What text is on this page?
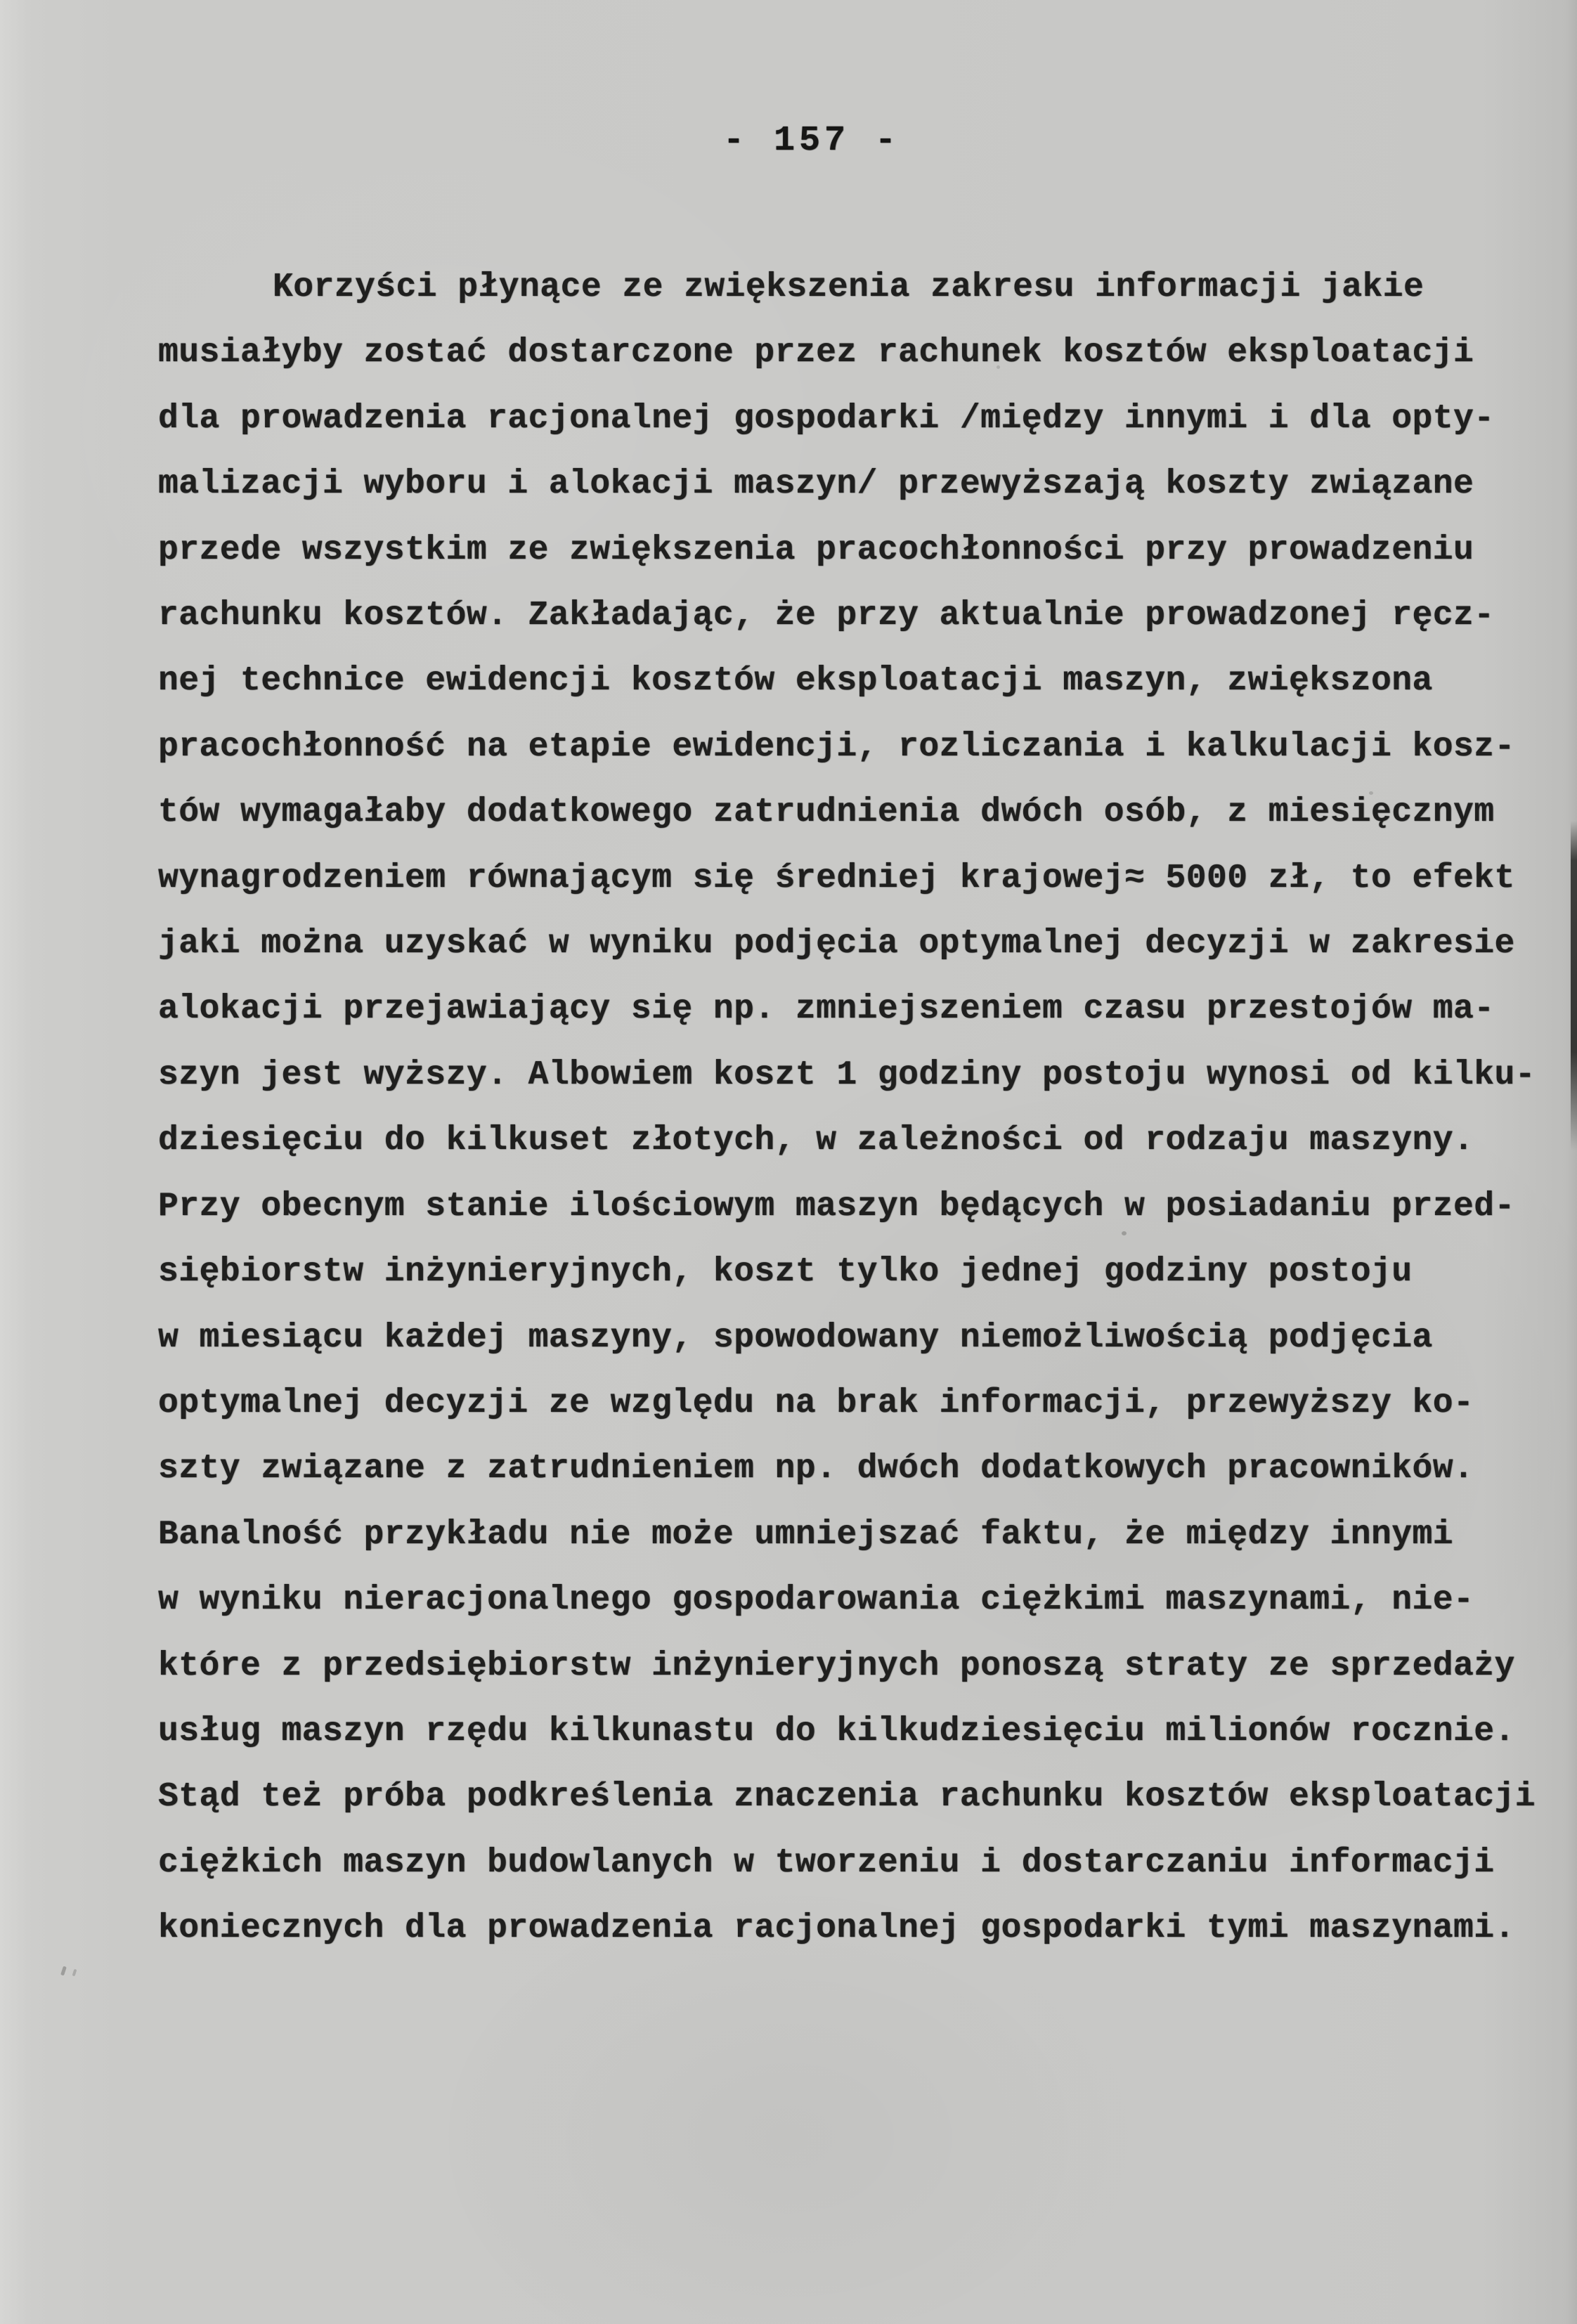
- 157 -
Korzyści płynące ze zwiększenia zakresu informacji jakie
musiałyby zostać dostarczone przez rachunek kosztów eksploatacji
dla prowadzenia racjonalnej gospodarki /między innymi i dla opty-
malizacji wyboru i alokacji maszyn/ przewyższają koszty związane
przede wszystkim ze zwiększenia pracochłonności przy prowadzeniu
rachunku kosztów. Zakładając, że przy aktualnie prowadzonej ręcz-
nej technice ewidencji kosztów eksploatacji maszyn, zwiększona
pracochłonność na etapie ewidencji, rozliczania i kalkulacji kosz-
tów wymagałaby dodatkowego zatrudnienia dwóch osób, z miesięcznym
wynagrodzeniem równającym się średniej krajowej≈ 5000 zł, to efekt
jaki można uzyskać w wyniku podjęcia optymalnej decyzji w zakresie
alokacji przejawiający się np. zmniejszeniem czasu przestojów ma-
szyn jest wyższy. Albowiem koszt 1 godziny postoju wynosi od kilku-
dziesięciu do kilkuset złotych, w zależności od rodzaju maszyny.
Przy obecnym stanie ilościowym maszyn będących w posiadaniu przed-
siębiorstw inżynieryjnych, koszt tylko jednej godziny postoju
w miesiącu każdej maszyny, spowodowany niemożliwością podjęcia
optymalnej decyzji ze względu na brak informacji, przewyższy ko-
szty związane z zatrudnieniem np. dwóch dodatkowych pracowników.
Banalność przykładu nie może umniejszać faktu, że między innymi
w wyniku nieracjonalnego gospodarowania ciężkimi maszynami, nie-
które z przedsiębiorstw inżynieryjnych ponoszą straty ze sprzedaży
usług maszyn rzędu kilkunastu do kilkudziesięciu milionów rocznie.
Stąd też próba podkreślenia znaczenia rachunku kosztów eksploatacji
ciężkich maszyn budowlanych w tworzeniu i dostarczaniu informacji
koniecznych dla prowadzenia racjonalnej gospodarki tymi maszynami.
